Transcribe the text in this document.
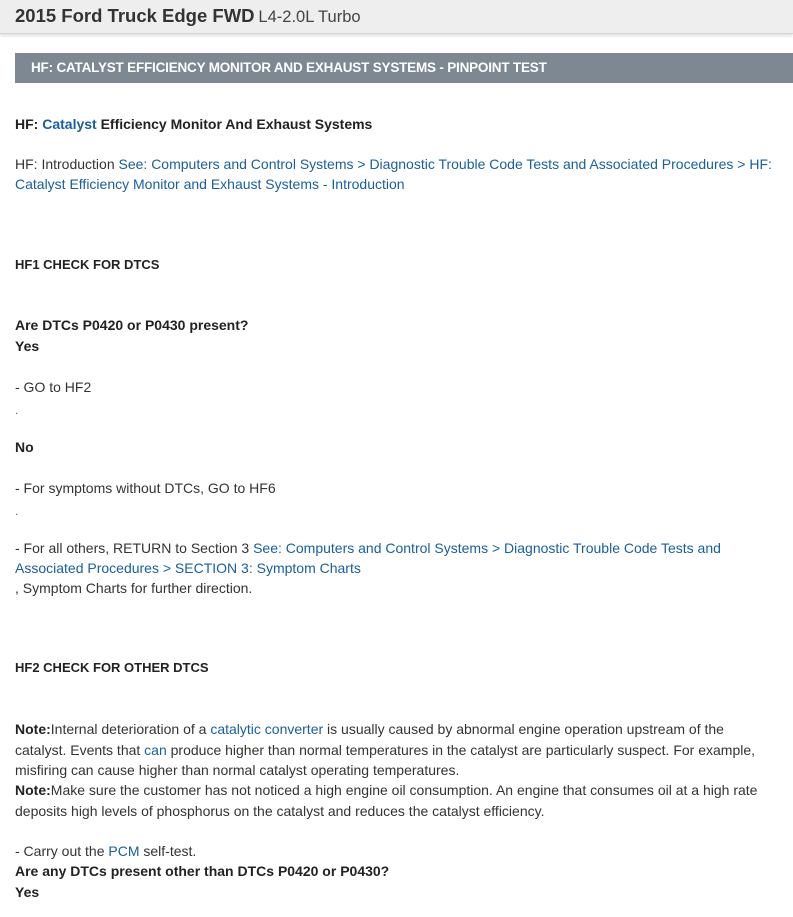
2015 Ford Truck Edge FWD L4-2.0L Turbo
HF: CATALYST EFFICIENCY MONITOR AND EXHAUST SYSTEMS - PINPOINT TEST
HF: Catalyst Efficiency Monitor And Exhaust Systems
HF: Introduction See: Computers and Control Systems > Diagnostic Trouble Code Tests and Associated Procedures > HF:
Catalyst Efficiency Monitor and Exhaust Systems - Introduction
HF1 CHECK FOR DTCS
Are DTCs P0420 or P0430 present?
Yes
- GO to HF2
.
No
- For symptoms without DTCs, GO to HF6
.
- For all others, RETURN to Section 3 See: Computers and Control Systems > Diagnostic Trouble Code Tests and
Associated Procedures > SECTION 3: Symptom Charts
, Symptom Charts for further direction.
HF2 CHECK FOR OTHER DTCS
Note:Internal deterioration of a catalytic converter is usually caused by abnormal engine operation upstream of the
catalyst. Events that can produce higher than normal temperatures in the catalyst are particularly suspect. For example,
misfiring can cause higher than normal catalyst operating temperatures.
Note:Make sure the customer has not noticed a high engine oil consumption. An engine that consumes oil at a high rate
deposits high levels of phosphorus on the catalyst and reduces the catalyst efficiency.
- Carry out the PCM self-test.
Are any DTCs present other than DTCs P0420 or P0430?
Yes
